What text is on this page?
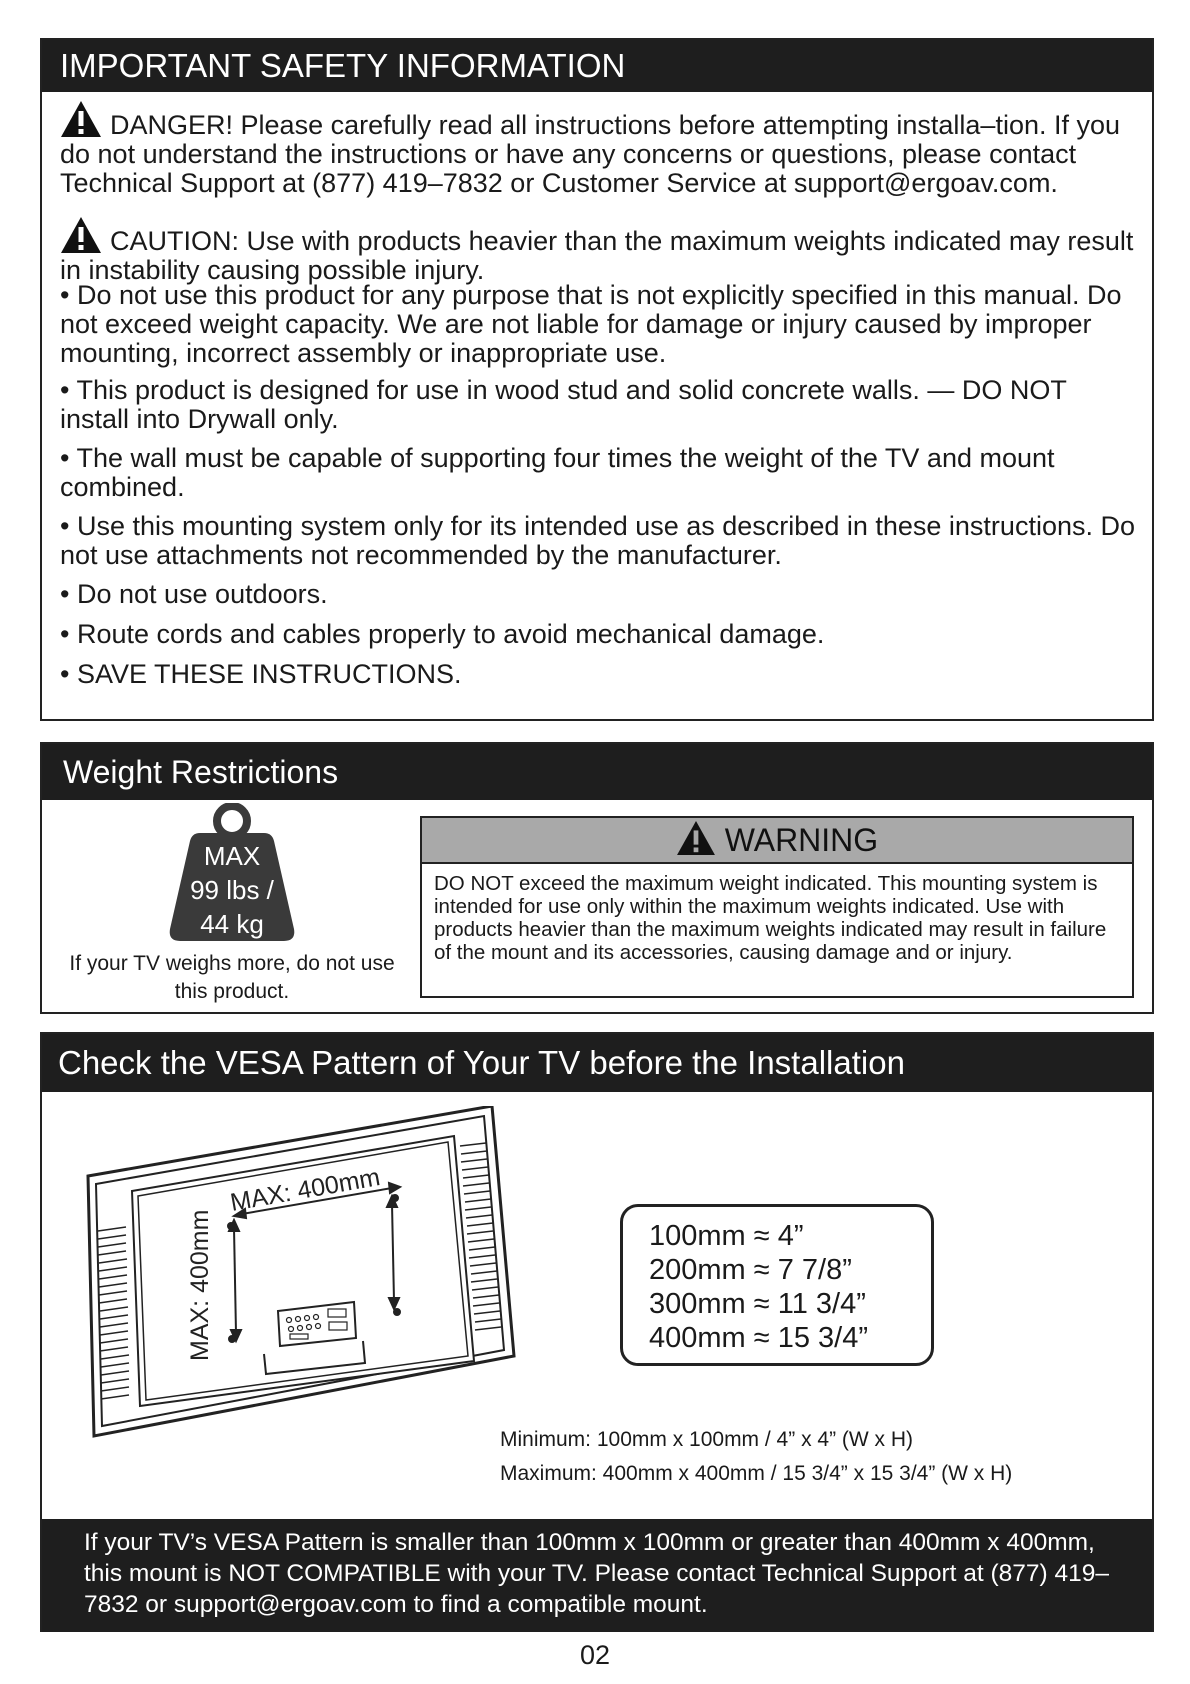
IMPORTANT SAFETY INFORMATION

DANGER! Please carefully read all instructions before attempting installa–tion. If you do not understand the instructions or have any concerns or questions, please contact Technical Support at (877) 419–7832 or Customer Service at support@ergoav.com.

CAUTION: Use with products heavier than the maximum weights indicated may result in instability causing possible injury.

• Do not use this product for any purpose that is not explicitly specified in this manual. Do not exceed weight capacity. We are not liable for damage or injury caused by improper mounting, incorrect assembly or inappropriate use.

• This product is designed for use in wood stud and solid concrete walls. — DO NOT install into Drywall only.

• The wall must be capable of supporting four times the weight of the TV and mount combined.

• Use this mounting system only for its intended use as described in these instructions. Do not use attachments not recommended by the manufacturer.

• Do not use outdoors.

• Route cords and cables properly to avoid mechanical damage.

• SAVE THESE INSTRUCTIONS.

Weight Restrictions
MAX
99 lbs /
44 kg
If your TV weighs more, do not use this product.
WARNING
DO NOT exceed the maximum weight indicated. This mounting system is intended for use only within the maximum weights indicated. Use with products heavier than the maximum weights indicated may result in failure of the mount and its accessories, causing damage and or injury.
Check the VESA Pattern of Your TV before the Installation
MAX: 400mm
MAX: 400mm	100mm ≈ 4”
200mm ≈ 7 7/8”
300mm ≈ 11 3/4”
400mm ≈ 15 3/4”
Minimum: 100mm x 100mm / 4” x 4” (W x H)
Maximum: 400mm x 400mm / 15 3/4” x 15 3/4” (W x H)
If your TV’s VESA Pattern is smaller than 100mm x 100mm or greater than 400mm x 400mm, this mount is NOT COMPATIBLE with your TV. Please contact Technical Support at (877) 419–7832 or support@ergoav.com to find a compatible mount.
02
